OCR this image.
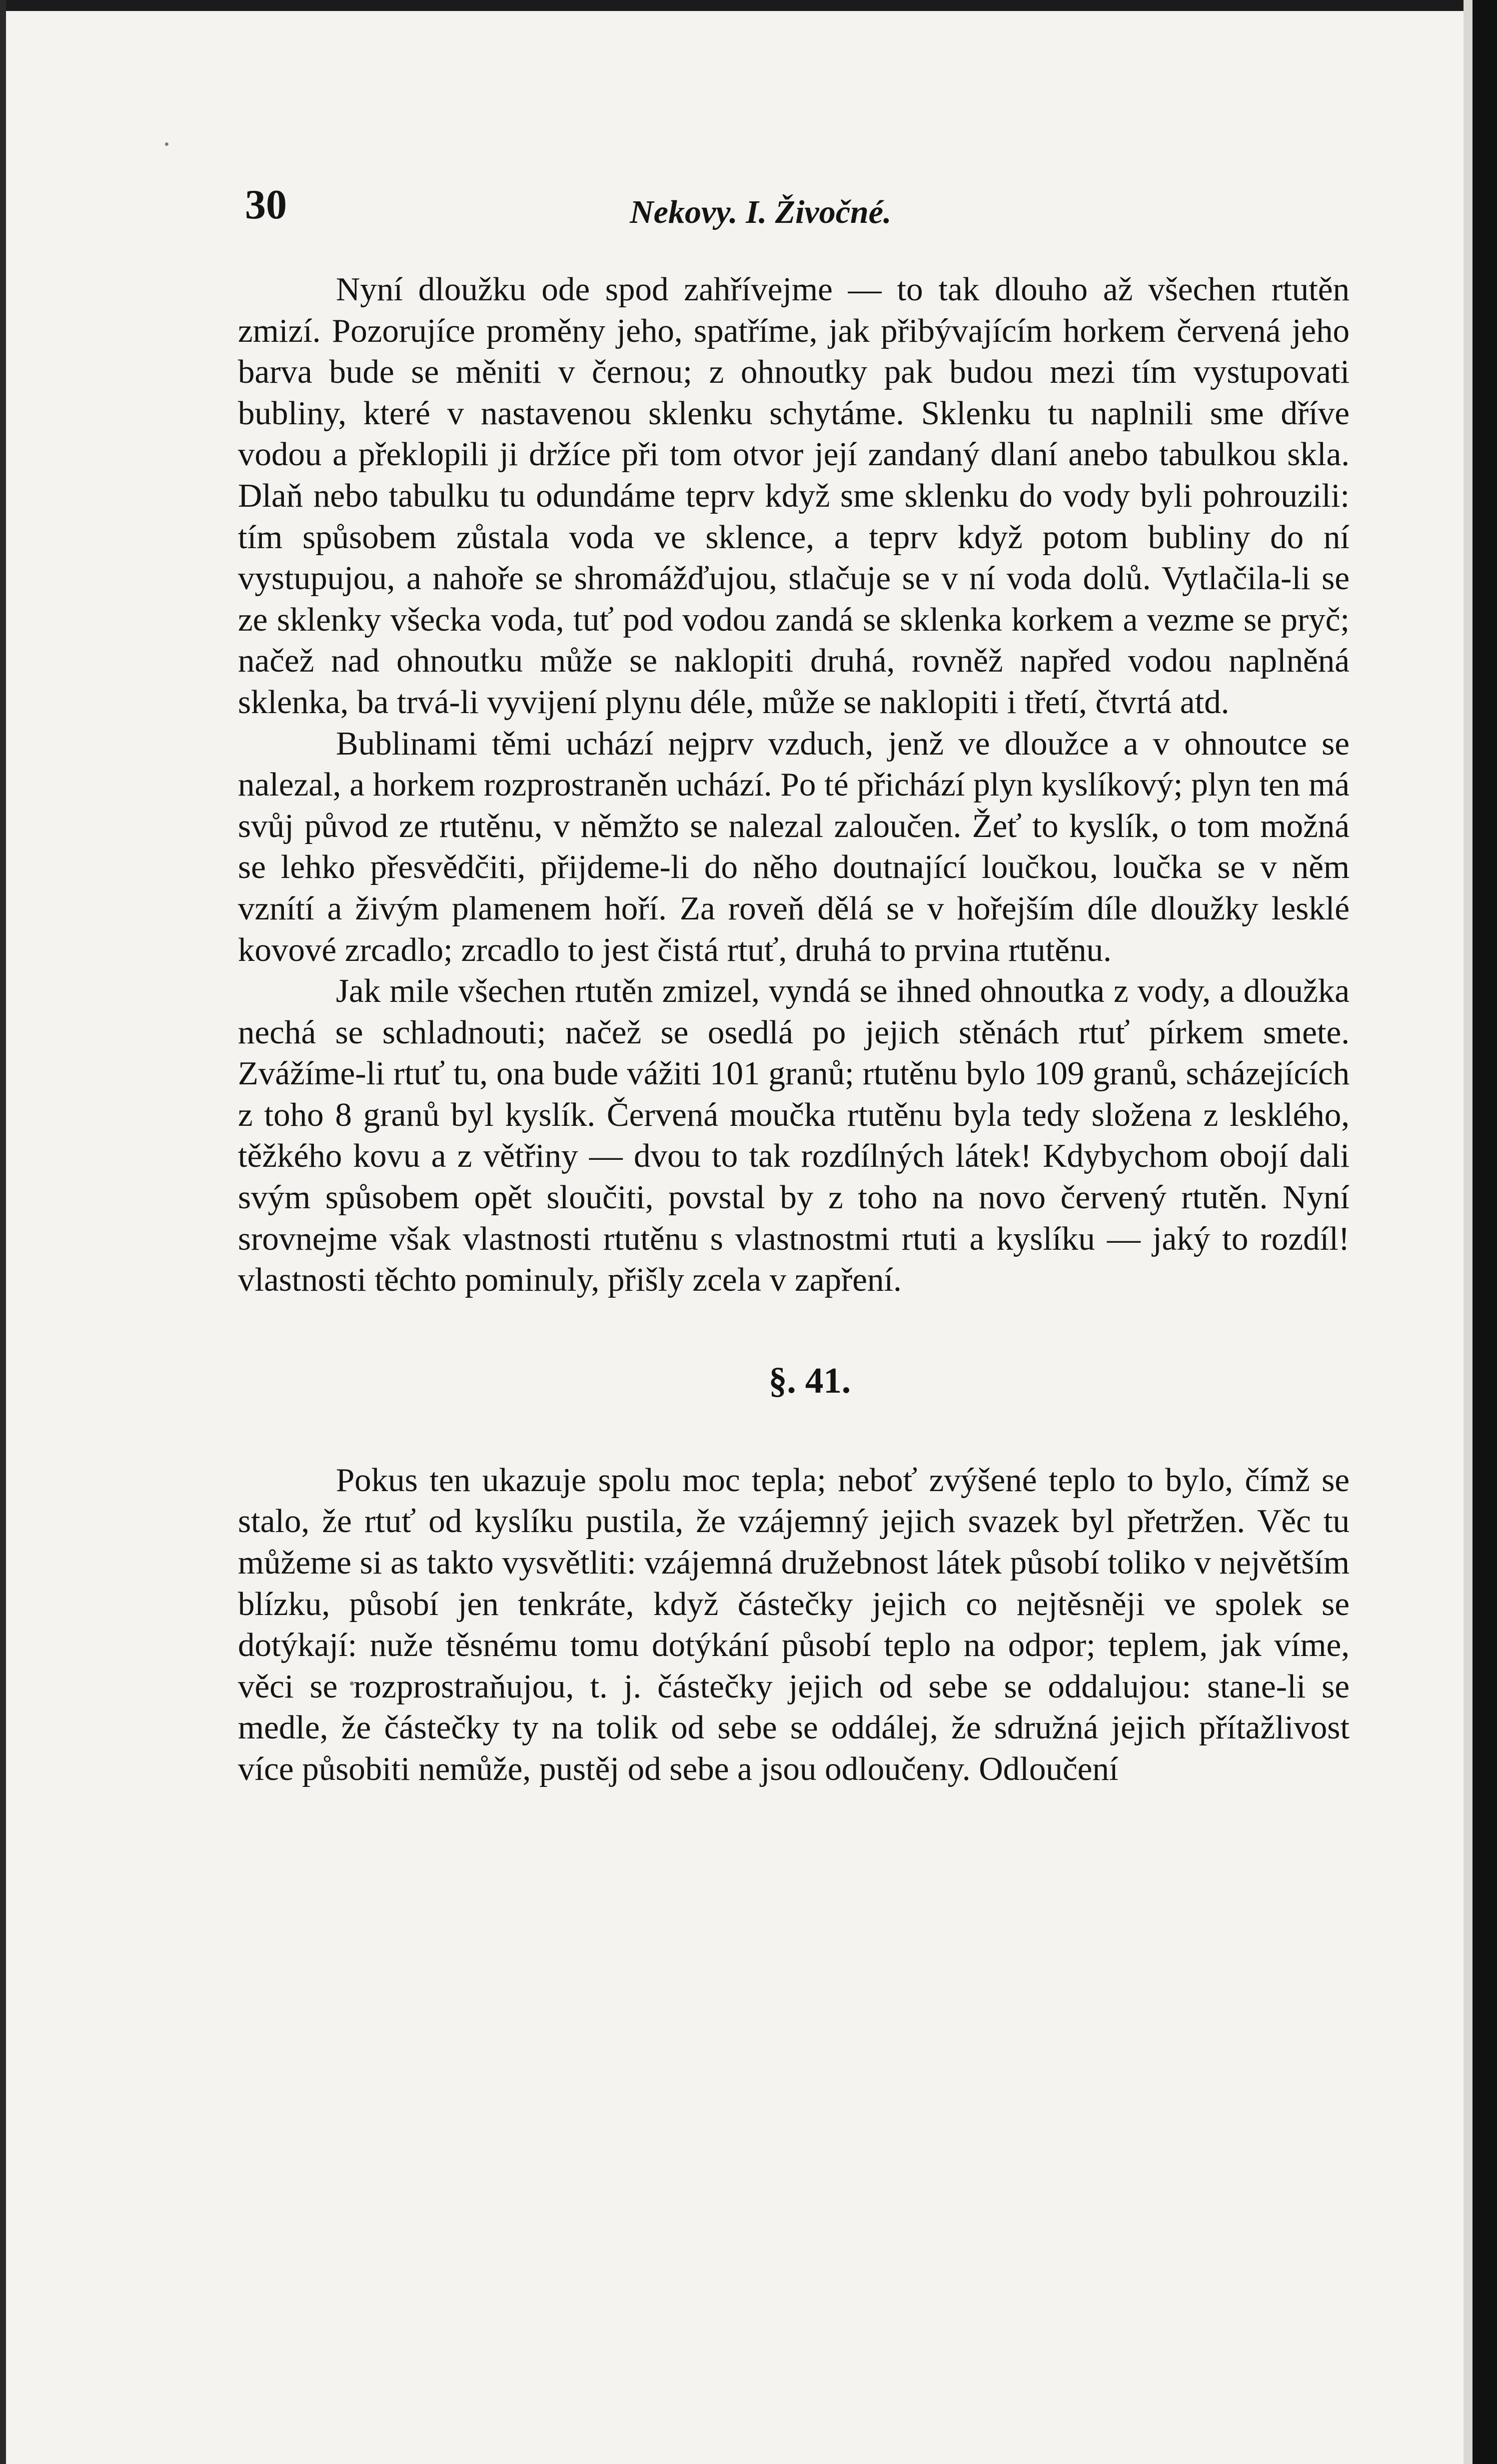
30	Nekovy. I. Živočné.

Nyní dloužku ode spod zahřívejme — to tak dlouho až všechen rtutěn zmizí. Pozorujíce proměny jeho, spatříme, jak přibývajícím horkem červená jeho barva bude se měniti v černou; z ohnoutky pak budou mezi tím vystupovati bubliny, které v nastavenou sklenku schytáme. Sklenku tu naplnili sme dříve vodou a překlopili ji držíce při tom otvor její zandaný dlaní anebo tabulkou skla. Dlaň nebo tabulku tu odundáme teprv když sme sklenku do vody byli pohrouzili: tím spůsobem zůstala voda ve sklence, a teprv když potom bubliny do ní vystupujou, a nahoře se shromážďujou, stlačuje se v ní voda dolů. Vytlačila-li se ze sklenky všecka voda, tuť pod vodou zandá se sklenka korkem a vezme se pryč; načež nad ohnoutku může se naklopiti druhá, rovněž napřed vodou naplněná sklenka, ba trvá-li vyvijení plynu déle, může se naklopiti i třetí, čtvrtá atd.

Bublinami těmi uchází nejprv vzduch, jenž ve dloužce a v ohnoutce se nalezal, a horkem rozprostraněn uchází. Po té přichází plyn kyslíkový; plyn ten má svůj původ ze rtutěnu, v němžto se nalezal zaloučen. Žeť to kyslík, o tom možná se lehko přesvědčiti, přijdeme-li do něho doutnající loučkou, loučka se v něm vznítí a živým plamenem hoří. Za roveň dělá se v hořejším díle dloužky lesklé kovové zrcadlo; zrcadlo to jest čistá rtuť, druhá to prvina rtutěnu.

Jak mile všechen rtutěn zmizel, vyndá se ihned ohnoutka z vody, a dloužka nechá se schladnouti; načež se osedlá po jejich stěnách rtuť pírkem smete. Zvážíme-li rtuť tu, ona bude vážiti 101 granů; rtutěnu bylo 109 granů, scházejících z toho 8 granů byl kyslík. Červená moučka rtutěnu byla tedy složena z lesklého, těžkého kovu a z větřiny — dvou to tak rozdílných látek! Kdybychom obojí dali svým spůsobem opět sloučiti, povstal by z toho na novo červený rtutěn. Nyní srovnejme však vlastnosti rtutěnu s vlastnostmi rtuti a kyslíku — jaký to rozdíl! vlastnosti těchto pominuly, přišly zcela v zapření.

§. 41.

Pokus ten ukazuje spolu moc tepla; neboť zvýšené teplo to bylo, čímž se stalo, že rtuť od kyslíku pustila, že vzájemný jejich svazek byl přetržen. Věc tu můžeme si as takto vysvětliti: vzájemná družebnost látek působí toliko v největším blízku, působí jen tenkráte, když částečky jejich co nejtěsněji ve spolek se dotýkají: nuže těsnému tomu dotýkání působí teplo na odpor; teplem, jak víme, věci se rozprostraňujou, t. j. částečky jejich od sebe se oddalujou: stane-li se medle, že částečky ty na tolik od sebe se oddálej, že sdružná jejich přítažlivost více působiti nemůže, pustěj od sebe a jsou odloučeny. Odloučení
